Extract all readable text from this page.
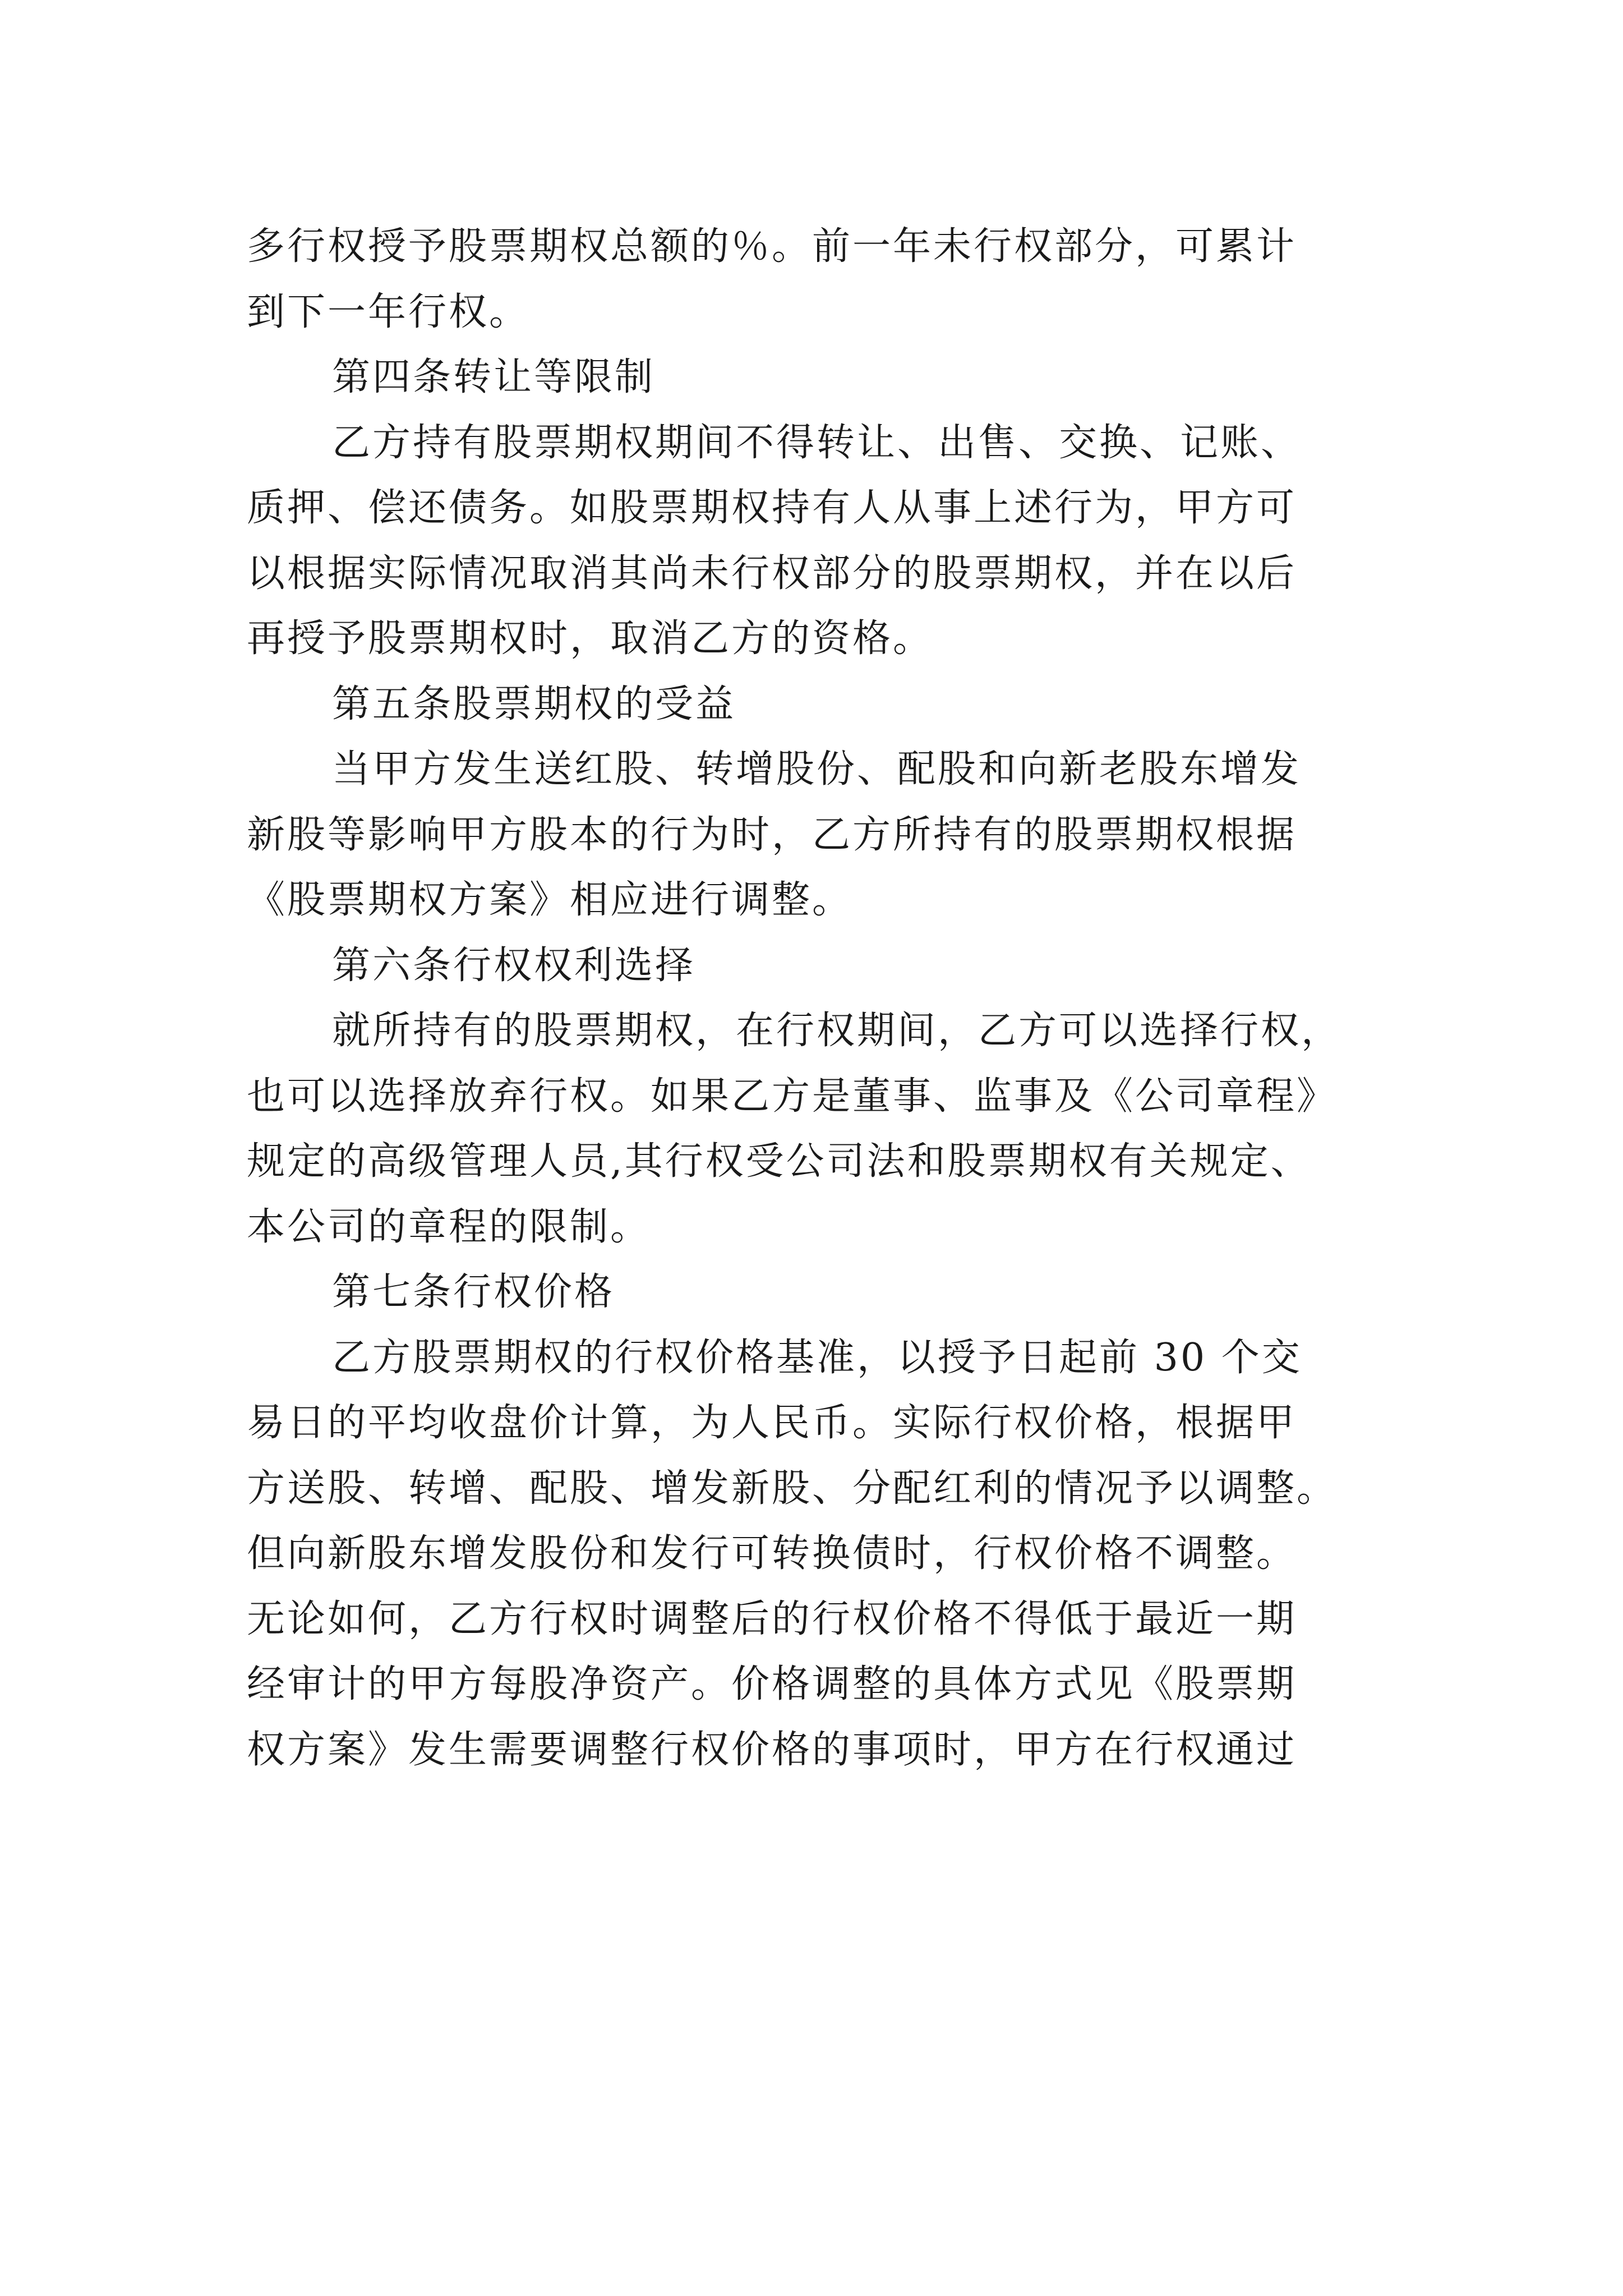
多行权授予股票期权总额的％。前一年未行权部分，可累计
到下一年行权。
第四条转让等限制
乙方持有股票期权期间不得转让、出售、交换、记账、
质押、偿还债务。如股票期权持有人从事上述行为，甲方可
以根据实际情况取消其尚未行权部分的股票期权，并在以后
再授予股票期权时，取消乙方的资格。
第五条股票期权的受益
当甲方发生送红股、转增股份、配股和向新老股东增发
新股等影响甲方股本的行为时，乙方所持有的股票期权根据
《股票期权方案》相应进行调整。
第六条行权权利选择
就所持有的股票期权，在行权期间，乙方可以选择行权，
也可以选择放弃行权。如果乙方是董事、监事及《公司章程》
规定的高级管理人员,其行权受公司法和股票期权有关规定、
本公司的章程的限制。
第七条行权价格
乙方股票期权的行权价格基准，以授予日起前 30 个交
易日的平均收盘价计算，为人民币。实际行权价格，根据甲
方送股、转增、配股、增发新股、分配红利的情况予以调整。
但向新股东增发股份和发行可转换债时，行权价格不调整。
无论如何，乙方行权时调整后的行权价格不得低于最近一期
经审计的甲方每股净资产。价格调整的具体方式见《股票期
权方案》发生需要调整行权价格的事项时，甲方在行权通过
